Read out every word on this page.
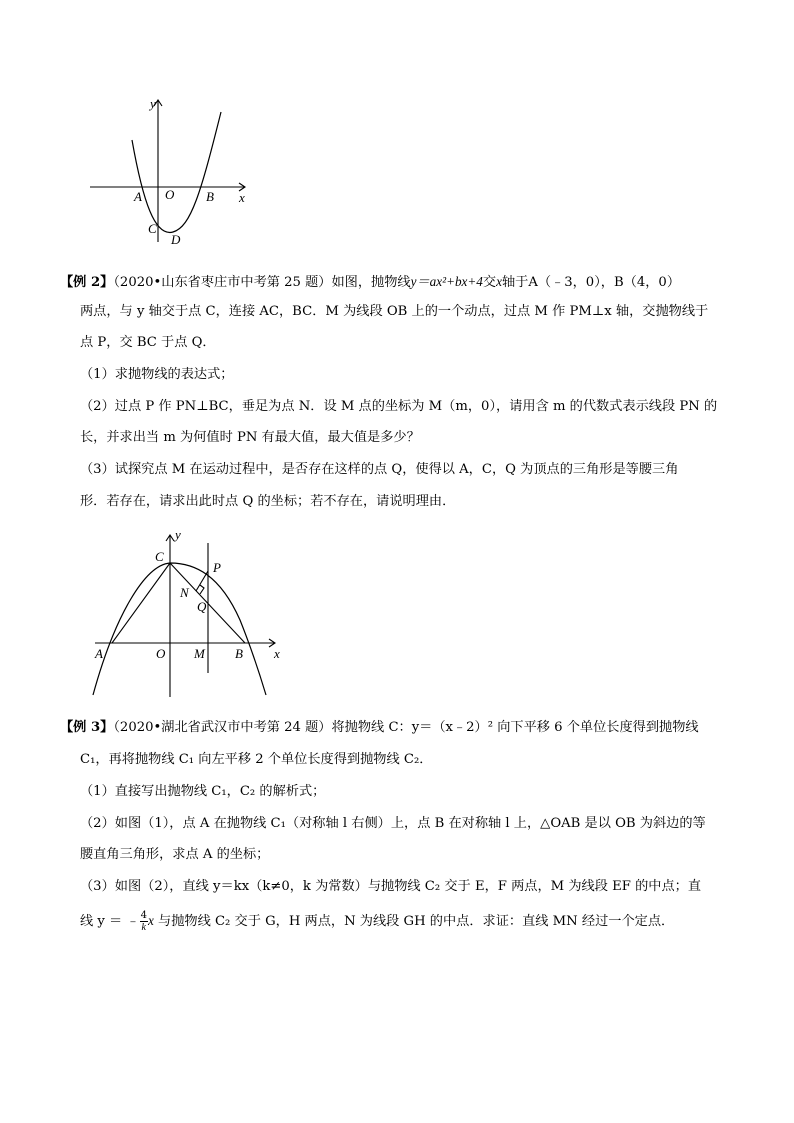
y
x
A O B
C
D
【例 2】（2020•山东省枣庄市中考第 25 题）如图，抛物线y＝ax²+bx+4交x轴于A（﹣3，0），B（4，0）
两点，与 y 轴交于点 C，连接 AC，BC．M 为线段 OB 上的一个动点，过点 M 作 PM⊥x 轴，交抛物线于
点 P，交 BC 于点 Q．
（1）求抛物线的表达式；
（2）过点 P 作 PN⊥BC，垂足为点 N．设 M 点的坐标为 M（m，0），请用含 m 的代数式表示线段 PN 的
长，并求出当 m 为何值时 PN 有最大值，最大值是多少？
（3）试探究点 M 在运动过程中，是否存在这样的点 Q，使得以 A，C，Q 为顶点的三角形是等腰三角
形．若存在，请求出此时点 Q 的坐标；若不存在，请说明理由．
y
C
P
N
Q
A	O M B x
【例 3】（2020•湖北省武汉市中考第 24 题）将抛物线 C：y＝（x﹣2）² 向下平移 6 个单位长度得到抛物线
C₁，再将抛物线 C₁ 向左平移 2 个单位长度得到抛物线 C₂．
（1）直接写出抛物线 C₁，C₂ 的解析式；
（2）如图（1），点 A 在抛物线 C₁（对称轴 l 右侧）上，点 B 在对称轴 l 上，△OAB 是以 OB 为斜边的等
腰直角三角形，求点 A 的坐标；
（3）如图（2），直线 y＝kx（k≠0，k 为常数）与抛物线 C₂ 交于 E，F 两点，M 为线段 EF 的中点；直
线 y ＝ ﹣ $\frac{4}{k}$ x 与抛物线 C₂ 交于 G，H 两点，N 为线段 GH 的中点．求证：直线 MN 经过一个定点．
